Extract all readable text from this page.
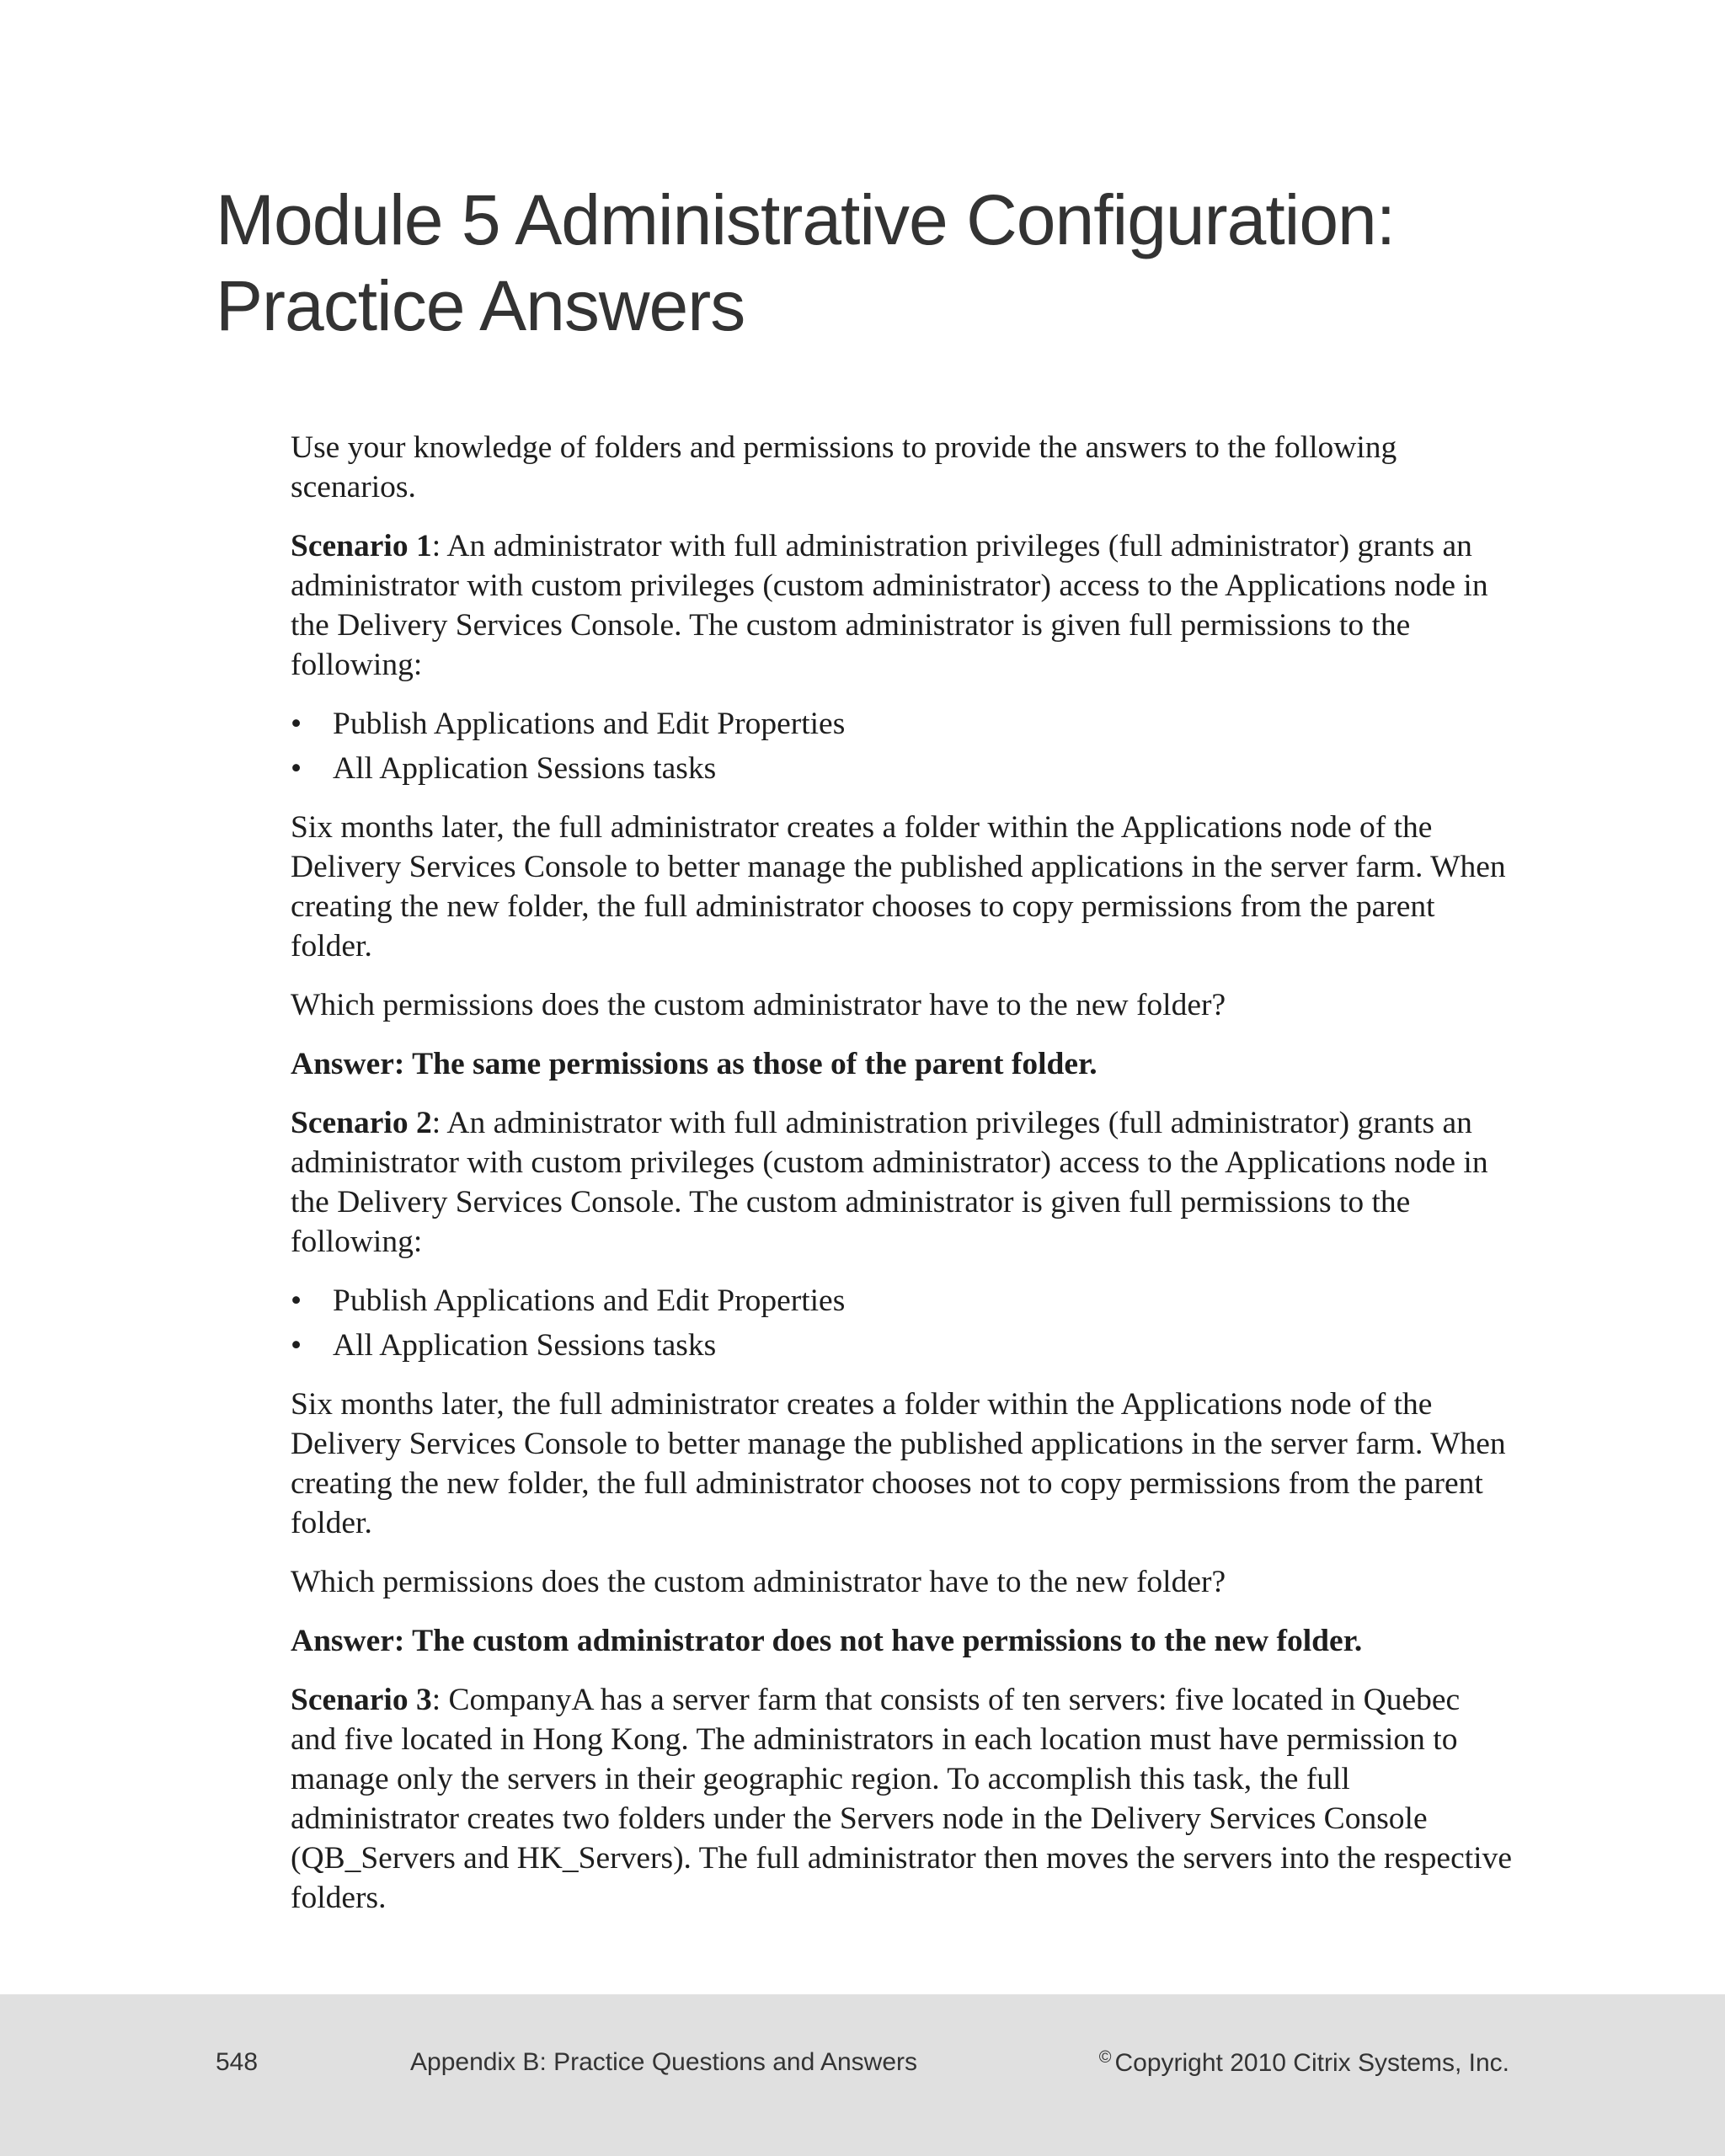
Module 5 Administrative Configuration:
Practice Answers

Use your knowledge of folders and permissions to provide the answers to the following scenarios.

Scenario 1: An administrator with full administration privileges (full administrator) grants an administrator with custom privileges (custom administrator) access to the Applications node in the Delivery Services Console. The custom administrator is given full permissions to the following:

• Publish Applications and Edit Properties
• All Application Sessions tasks

Six months later, the full administrator creates a folder within the Applications node of the Delivery Services Console to better manage the published applications in the server farm. When creating the new folder, the full administrator chooses to copy permissions from the parent folder.

Which permissions does the custom administrator have to the new folder?

Answer: The same permissions as those of the parent folder.

Scenario 2: An administrator with full administration privileges (full administrator) grants an administrator with custom privileges (custom administrator) access to the Applications node in the Delivery Services Console. The custom administrator is given full permissions to the following:

• Publish Applications and Edit Properties
• All Application Sessions tasks

Six months later, the full administrator creates a folder within the Applications node of the Delivery Services Console to better manage the published applications in the server farm. When creating the new folder, the full administrator chooses not to copy permissions from the parent folder.

Which permissions does the custom administrator have to the new folder?

Answer: The custom administrator does not have permissions to the new folder.

Scenario 3: CompanyA has a server farm that consists of ten servers: five located in Quebec and five located in Hong Kong. The administrators in each location must have permission to manage only the servers in their geographic region. To accomplish this task, the full administrator creates two folders under the Servers node in the Delivery Services Console (QB_Servers and HK_Servers). The full administrator then moves the servers into the respective folders.

548	Appendix B: Practice Questions and Answers	© Copyright 2010 Citrix Systems, Inc.
